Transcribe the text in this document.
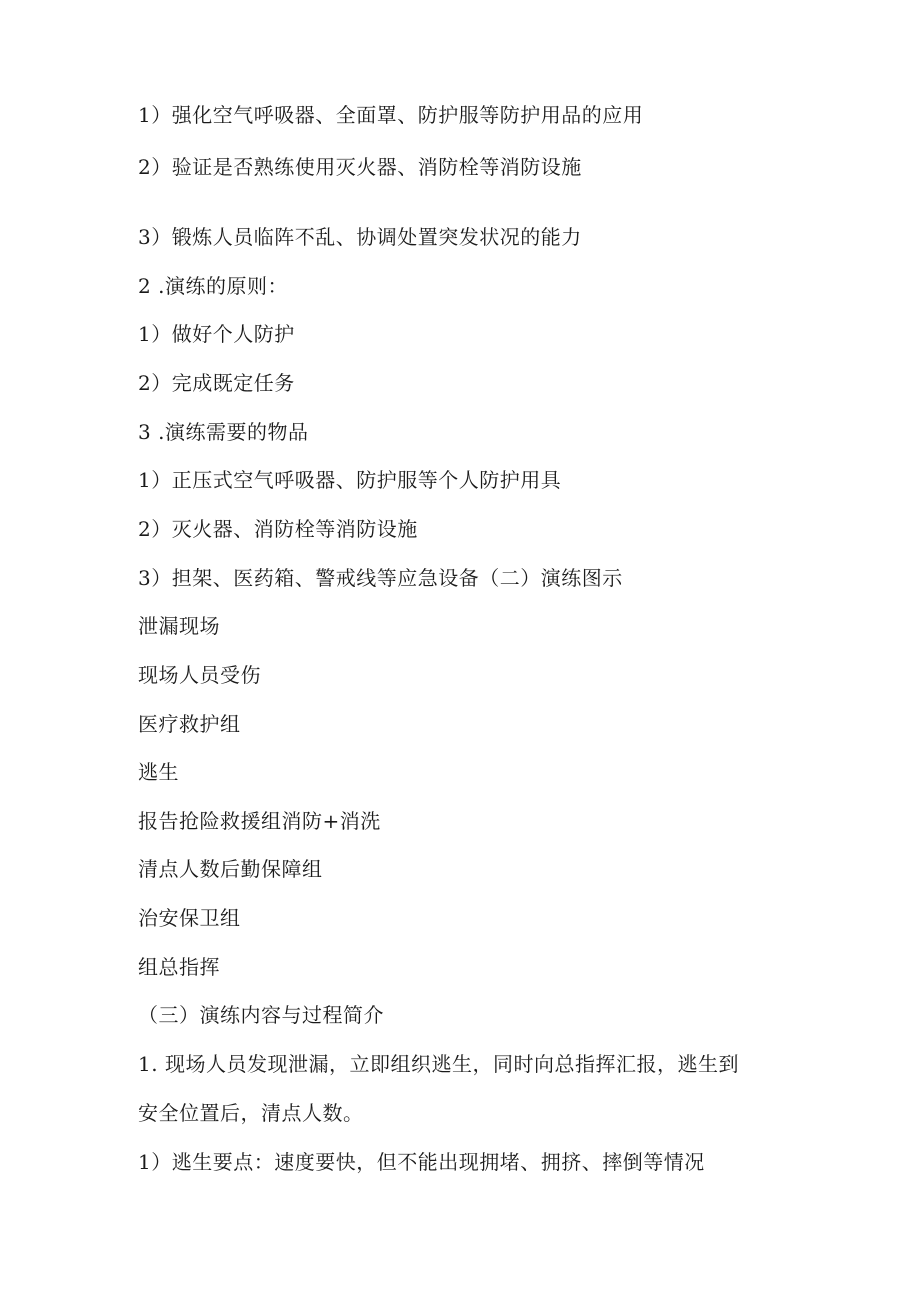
1）强化空气呼吸器、全面罩、防护服等防护用品的应用
2）验证是否熟练使用灭火器、消防栓等消防设施
3）锻炼人员临阵不乱、协调处置突发状况的能力
2 .演练的原则：
1）做好个人防护
2）完成既定任务
3 .演练需要的物品
1）正压式空气呼吸器、防护服等个人防护用具
2）灭火器、消防栓等消防设施
3）担架、医药箱、警戒线等应急设备（二）演练图示
泄漏现场
现场人员受伤
医疗救护组
逃生
报告抢险救援组消防+消洗
清点人数后勤保障组
治安保卫组
组总指挥
（三）演练内容与过程简介
1. 现场人员发现泄漏，立即组织逃生，同时向总指挥汇报，逃生到
安全位置后，清点人数。
1）逃生要点：速度要快，但不能出现拥堵、拥挤、摔倒等情况
